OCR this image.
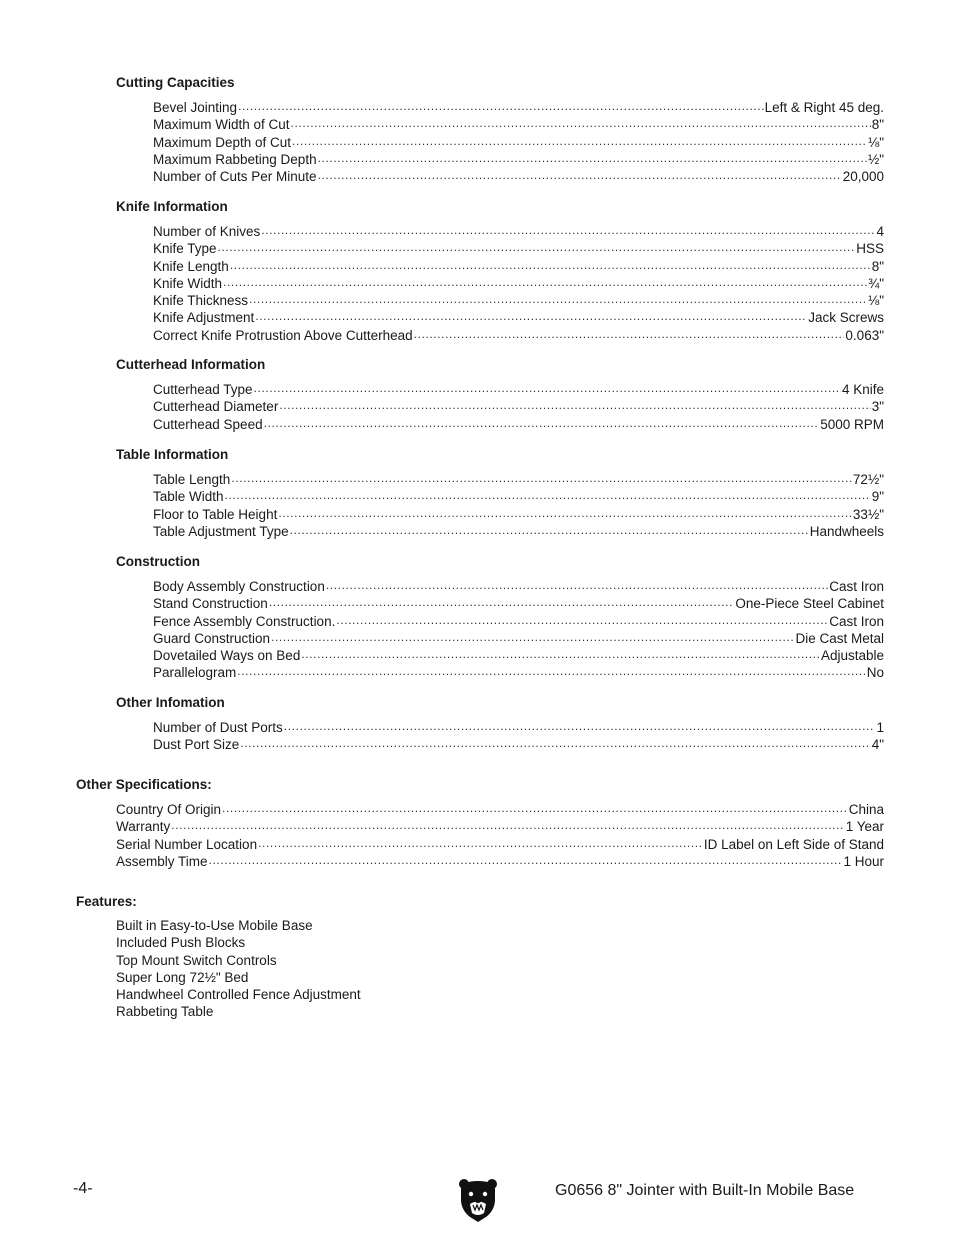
Cutting Capacities
Bevel Jointing .....	Left & Right 45 deg.
Maximum Width of Cut .....	8"
Maximum Depth of Cut .....	⅛"
Maximum Rabbeting Depth .....	½"
Number of Cuts Per Minute .....	20,000
Knife Information
Number of Knives .....	4
Knife Type .....	HSS
Knife Length .....	8"
Knife Width .....	¾"
Knife Thickness .....	⅛"
Knife Adjustment .....	Jack Screws
Correct Knife Protrustion Above Cutterhead .....	0.063"
Cutterhead Information
Cutterhead Type .....	4 Knife
Cutterhead Diameter .....	3"
Cutterhead Speed .....	5000 RPM
Table Information
Table Length .....	72½"
Table Width .....	9"
Floor to Table Height .....	33½"
Table Adjustment Type .....	Handwheels
Construction
Body Assembly Construction .....	Cast Iron
Stand Construction .....	One-Piece Steel Cabinet
Fence Assembly Construction. .....	Cast Iron
Guard Construction .....	Die Cast Metal
Dovetailed Ways on Bed .....	Adjustable
Parallelogram .....	No
Other Infomation
Number of Dust Ports .....	1
Dust Port Size .....	4"
Other Specifications:
Country Of Origin .....	China
Warranty .....	1 Year
Serial Number Location .....	ID Label on Left Side of Stand
Assembly Time .....	1 Hour
Features:
Built in Easy-to-Use Mobile Base
Included Push Blocks
Top Mount Switch Controls
Super Long 72½" Bed
Handwheel Controlled Fence Adjustment
Rabbeting Table
-4-	G0656 8" Jointer with Built-In Mobile Base
